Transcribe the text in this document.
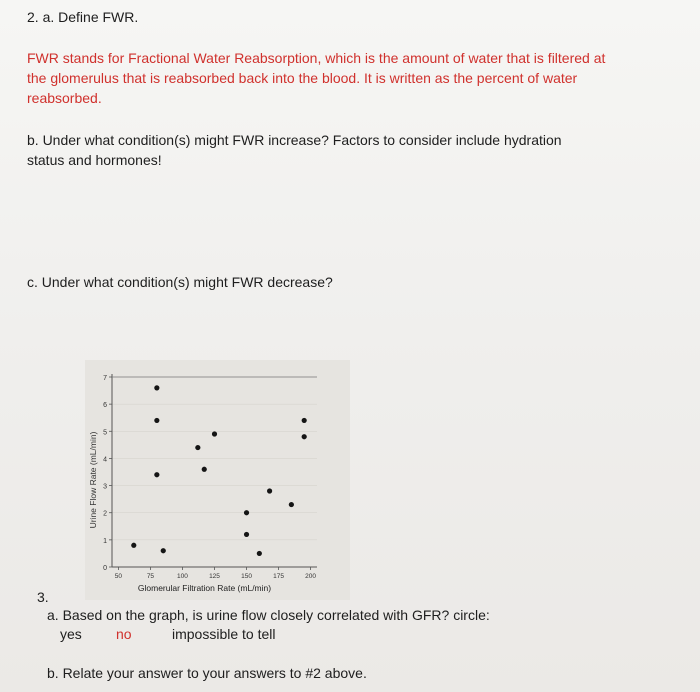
2. a. Define FWR.
FWR stands for Fractional Water Reabsorption, which is the amount of water that is filtered at
the glomerulus that is reabsorbed back into the blood. It is written as the percent of water
reabsorbed.
b. Under what condition(s) might FWR increase? Factors to consider include hydration
status and hormones!
c. Under what condition(s) might FWR decrease?
0
1
2
3
4
5
6
7
50	75	100	125	150	175	200
Urine Flow Rate (mL/min)
Glomerular Filtration Rate (mL/min)
3.
a. Based on the graph, is urine flow closely correlated with GFR? circle:
yes no	impossible to tell
b. Relate your answer to your answers to #2 above.
